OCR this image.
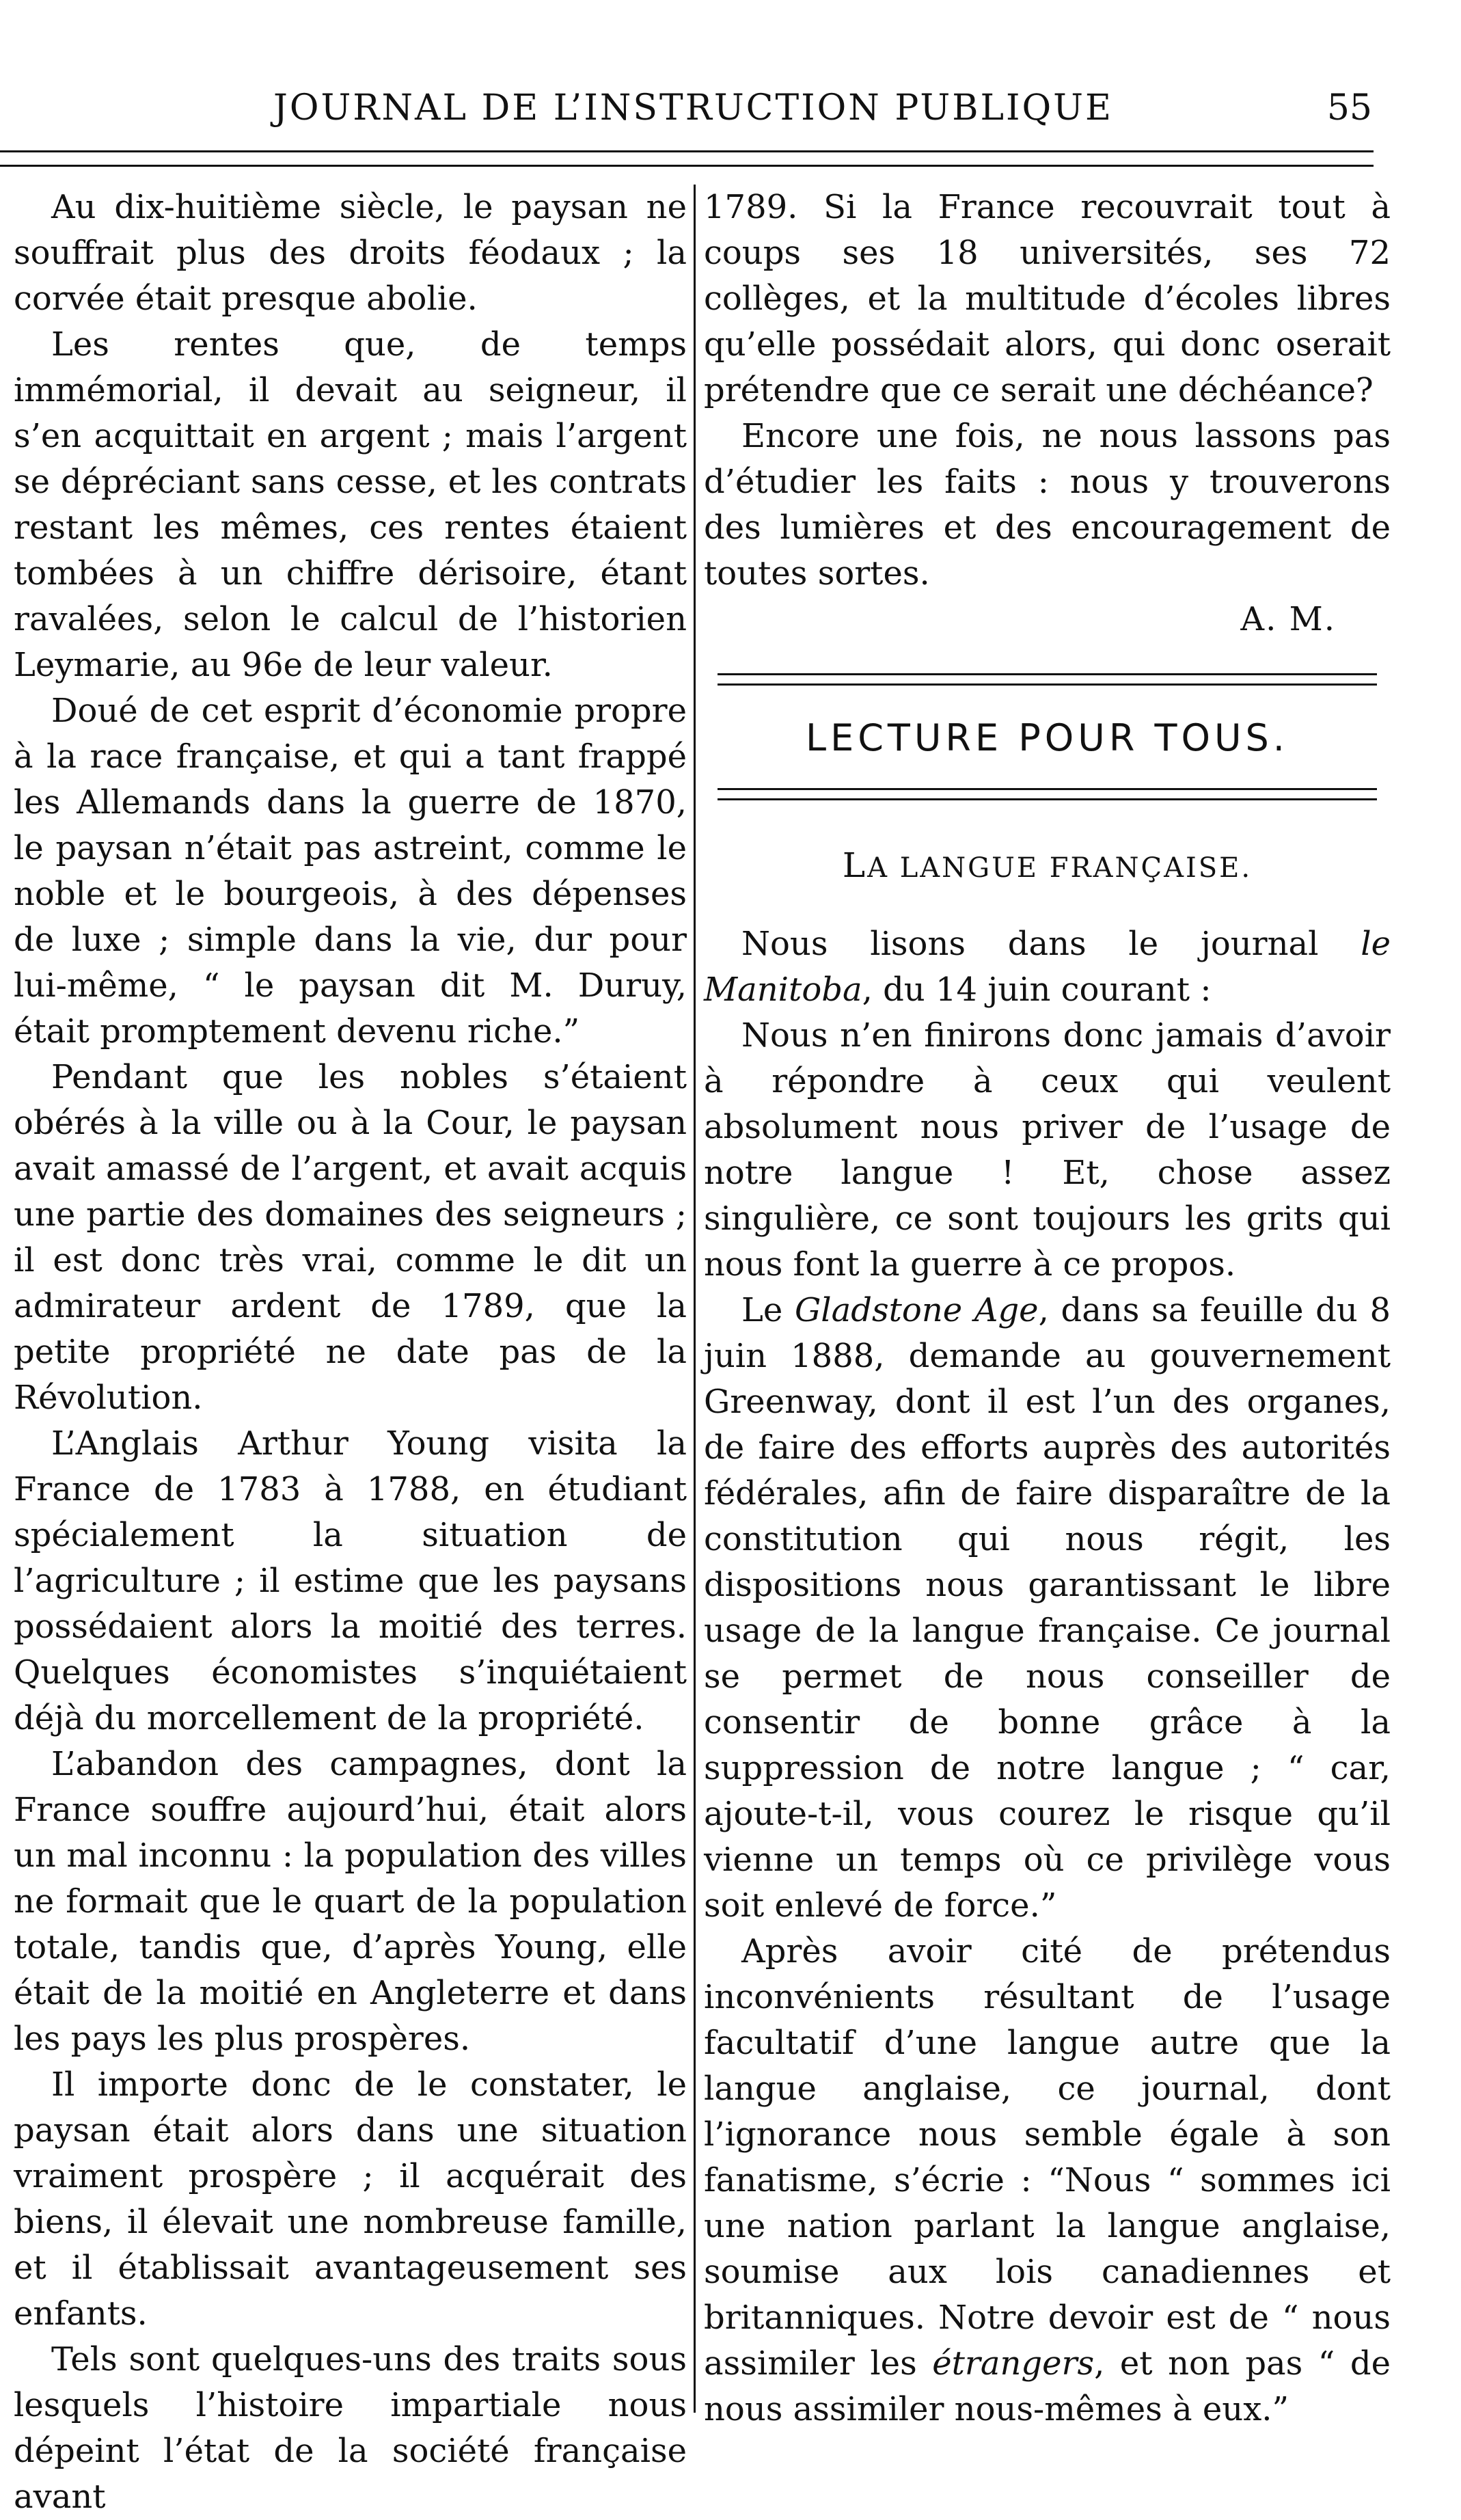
JOURNAL DE L’INSTRUCTION PUBLIQUE	55

Au dix-huitième siècle, le paysan ne souffrait plus des droits féodaux ; la corvée était presque abolie.

Les rentes que, de temps immémorial, il devait au seigneur, il s’en acquittait en argent ; mais l’argent se dépréciant sans cesse, et les contrats restant les mêmes, ces rentes étaient tombées à un chiffre dérisoire, étant ravalées, selon le calcul de l’historien Leymarie, au 96e de leur valeur.

Doué de cet esprit d’économie propre à la race française, et qui a tant frappé les Allemands dans la guerre de 1870, le paysan n’était pas astreint, comme le noble et le bourgeois, à des dépenses de luxe ; simple dans la vie, dur pour lui-même, “ le paysan dit M. Duruy, était promptement devenu riche.”

Pendant que les nobles s’étaient obérés à la ville ou à la Cour, le paysan avait amassé de l’argent, et avait acquis une partie des domaines des seigneurs ; il est donc très vrai, comme le dit un admirateur ardent de 1789, que la petite propriété ne date pas de la Révolution.

L’Anglais Arthur Young visita la France de 1783 à 1788, en étudiant spécialement la situation de l’agriculture ; il estime que les paysans possédaient alors la moitié des terres. Quelques économistes s’inquiétaient déjà du morcellement de la propriété.

L’abandon des campagnes, dont la France souffre aujourd’hui, était alors un mal inconnu : la population des villes ne formait que le quart de la population totale, tandis que, d’après Young, elle était de la moitié en Angleterre et dans les pays les plus prospères.

Il importe donc de le constater, le paysan était alors dans une situation vraiment prospère ; il acquérait des biens, il élevait une nombreuse famille, et il établissait avantageusement ses enfants.

Tels sont quelques-uns des traits sous lesquels l’histoire impartiale nous dépeint l’état de la société française avant

1789. Si la France recouvrait tout à coups ses 18 universités, ses 72 collèges, et la multitude d’écoles libres qu’elle possédait alors, qui donc oserait prétendre que ce serait une déchéance?

Encore une fois, ne nous lassons pas d’étudier les faits : nous y trouverons des lumières et des encouragement de toutes sortes.

A. M.

LECTURE POUR TOUS.
LA LANGUE FRANÇAISE.

Nous lisons dans le journal le Manitoba, du 14 juin courant :

Nous n’en finirons donc jamais d’avoir à répondre à ceux qui veulent absolument nous priver de l’usage de notre langue ! Et, chose assez singulière, ce sont toujours les grits qui nous font la guerre à ce propos.

Le Gladstone Age, dans sa feuille du 8 juin 1888, demande au gouvernement Greenway, dont il est l’un des organes, de faire des efforts auprès des autorités fédérales, afin de faire disparaître de la constitution qui nous régit, les dispositions nous garantissant le libre usage de la langue française. Ce journal se permet de nous conseiller de consentir de bonne grâce à la suppression de notre langue ; “ car, ajoute-t-il, vous courez le risque qu’il vienne un temps où ce privilège vous soit enlevé de force.”

Après avoir cité de prétendus inconvénients résultant de l’usage facultatif d’une langue autre que la langue anglaise, ce journal, dont l’ignorance nous semble égale à son fanatisme, s’écrie : “Nous “ sommes ici une nation parlant la langue anglaise, soumise aux lois canadiennes et britanniques. Notre devoir est de “ nous assimiler les étrangers, et non pas “ de nous assimiler nous-mêmes à eux.”
